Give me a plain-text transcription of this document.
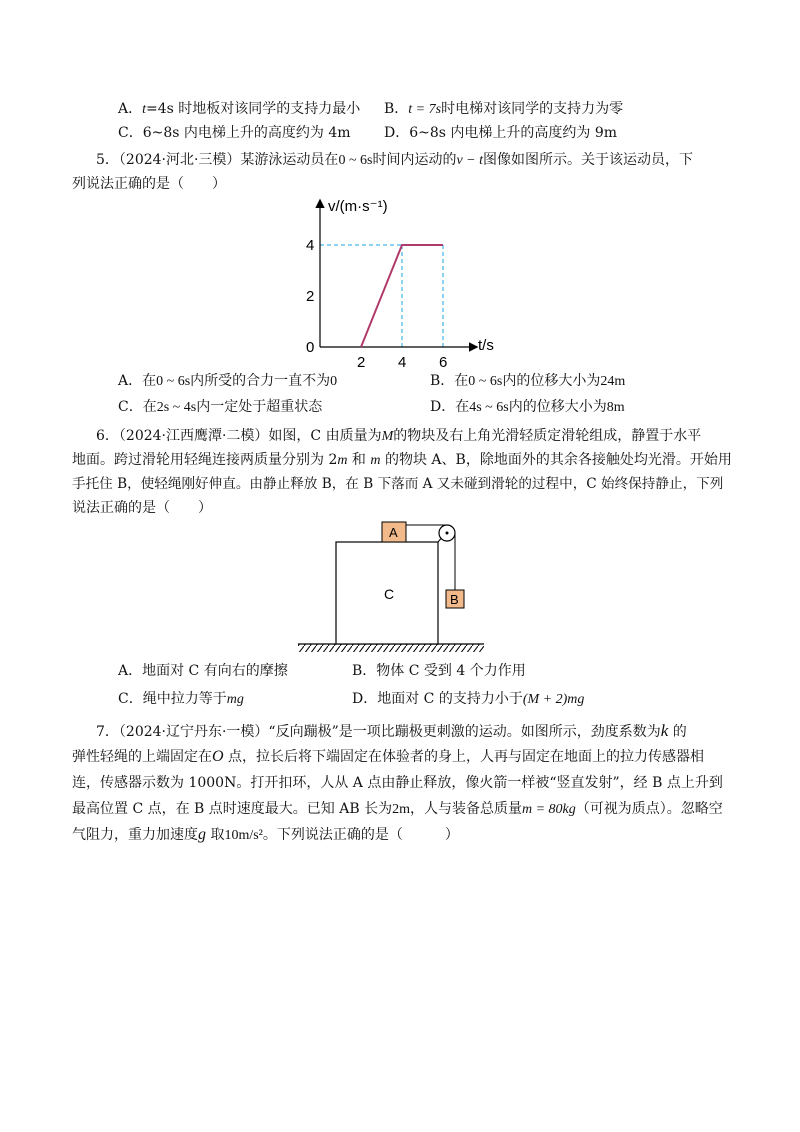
A．t=4s 时地板对该同学的支持力最小 B．t = 7s时电梯对该同学的支持力为零
C．6~8s 内电梯上升的高度约为 4m D．6~8s 内电梯上升的高度约为 9m
5．（2024·河北·三模）某游泳运动员在0 ~ 6s时间内运动的v − t图像如图所示。关于该运动员，下
列说法正确的是（　　）
v/(m·s⁻¹)
t/s
0
2 4 6
2
4
A．在0 ~ 6s内所受的合力一直不为0	B．在0 ~ 6s内的位移大小为24m
C．在2s ~ 4s内一定处于超重状态	D．在4s ~ 6s内的位移大小为8m
6．（2024·江西鹰潭·二模）如图，C 由质量为M的物块及右上角光滑轻质定滑轮组成，静置于水平
地面。跨过滑轮用轻绳连接两质量分别为 2m 和 m 的物块 A、B，除地面外的其余各接触处均光滑。开始用
手托住 B，使轻绳刚好伸直。由静止释放 B，在 B 下落而 A 又未碰到滑轮的过程中，C 始终保持静止，下列
说法正确的是（　　）
C
A
B
A．地面对 C 有向右的摩擦	B．物体 C 受到 4 个力作用
C．绳中拉力等于mg	D．地面对 C 的支持力小于(M + 2)mg
7．（2024·辽宁丹东·一模）“反向蹦极”是一项比蹦极更刺激的运动。如图所示，劲度系数为k 的
弹性轻绳的上端固定在O 点，拉长后将下端固定在体验者的身上，人再与固定在地面上的拉力传感器相
连，传感器示数为 1000N。打开扣环，人从 A 点由静止释放，像火箭一样被“竖直发射”，经 B 点上升到
最高位置 C 点，在 B 点时速度最大。已知 AB 长为2m，人与装备总质量m = 80kg（可视为质点）。忽略空
气阻力，重力加速度g 取10m/s²。下列说法正确的是（　　　）
